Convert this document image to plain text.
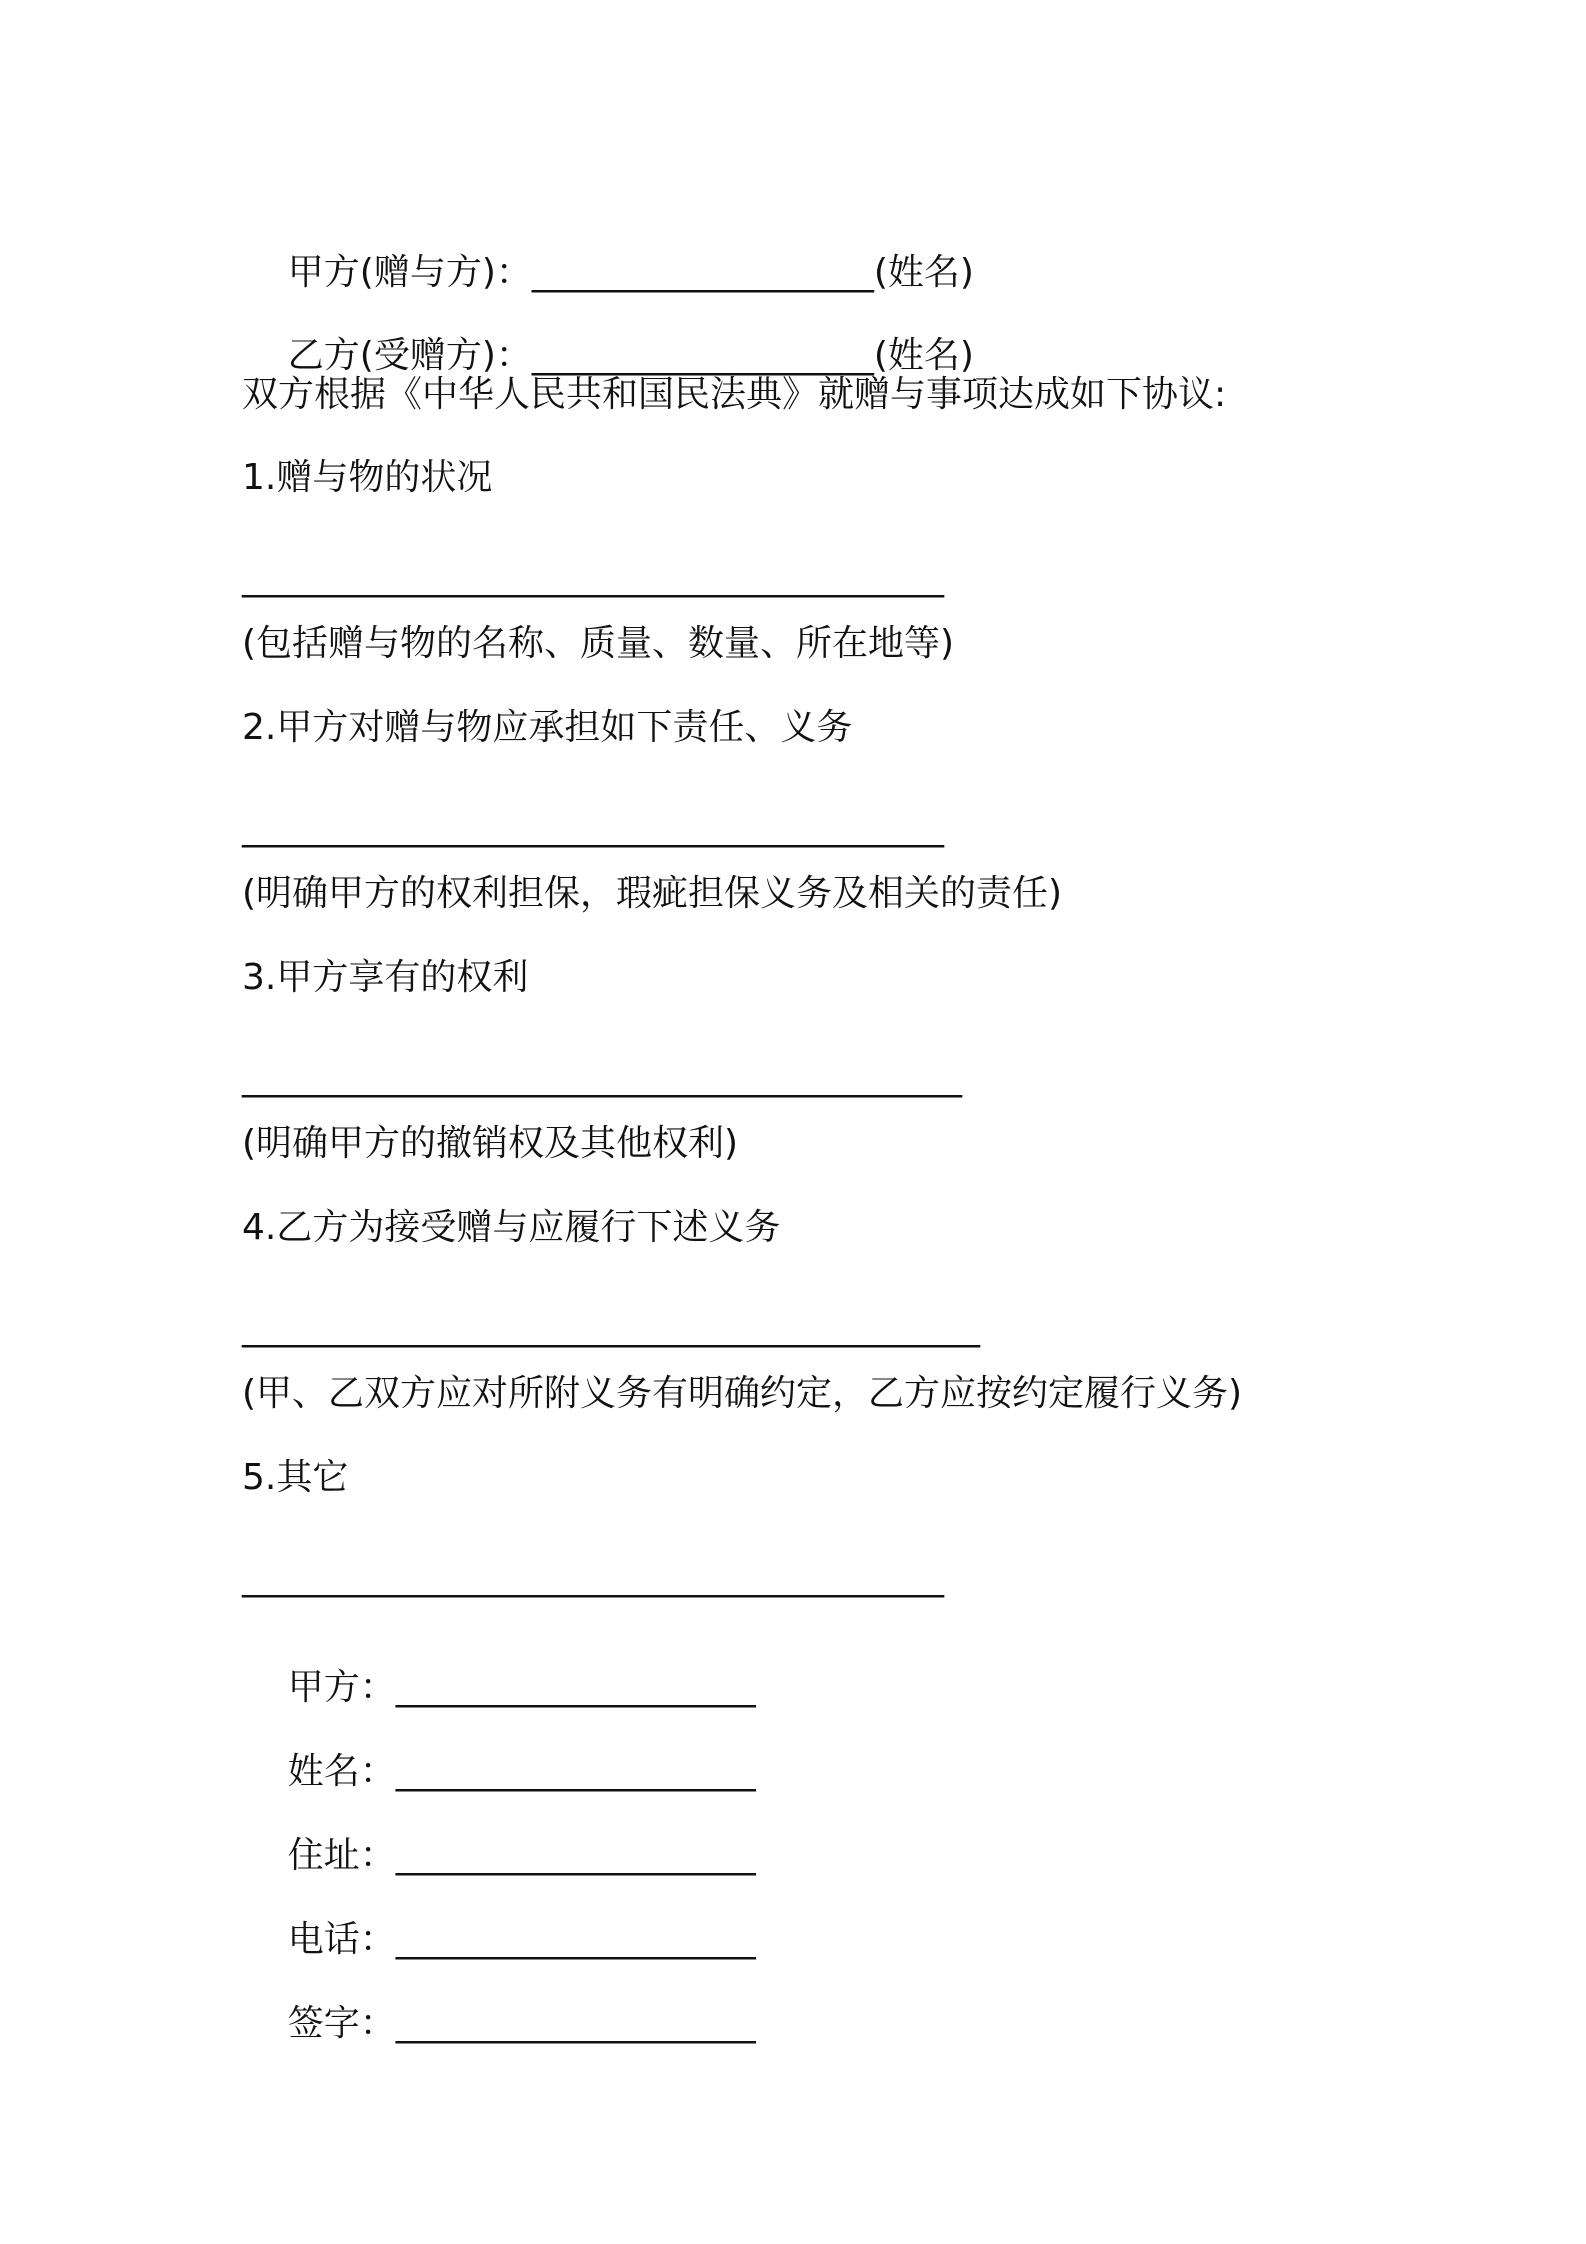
甲方(赠与方)：___________________(姓名)

乙方(受赠方)：___________________(姓名)

双方根据《中华人民共和国民法典》就赠与事项达成如下协议:
1.赠与物的状况
_______________________________________
(包括赠与物的名称、质量、数量、所在地等)
2.甲方对赠与物应承担如下责任、义务
_______________________________________
(明确甲方的权利担保，瑕疵担保义务及相关的责任)
3.甲方享有的权利
________________________________________
(明确甲方的撤销权及其他权利)
4.乙方为接受赠与应履行下述义务
_________________________________________
(甲、乙双方应对所附义务有明确约定，乙方应按约定履行义务)
5.其它
_______________________________________

甲方：____________________

姓名：____________________

住址：____________________

电话：____________________

签字：____________________
